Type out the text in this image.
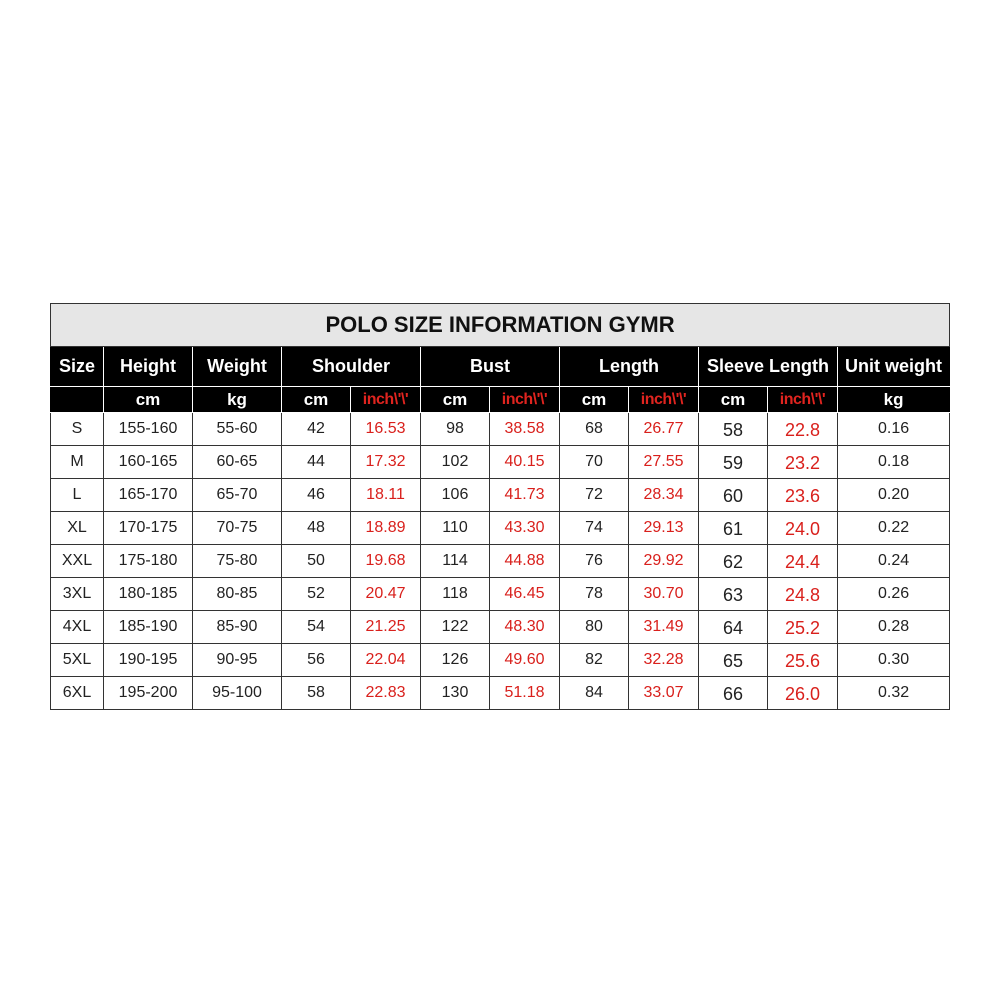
POLO SIZE INFORMATION GYMR											
Size	Height	Weight	Shoulder		Bust		Length		Sleeve Length		Unit weight
	cm	kg	cm	inch\'\'	cm	inch\'\'	cm	inch\'\'	cm	inch\'\'	kg
S	155-160	55-60	42	16.53	98	38.58	68	26.77	58	22.8	0.16
M	160-165	60-65	44	17.32	102	40.15	70	27.55	59	23.2	0.18
L	165-170	65-70	46	18.11	106	41.73	72	28.34	60	23.6	0.20
XL	170-175	70-75	48	18.89	110	43.30	74	29.13	61	24.0	0.22
XXL	175-180	75-80	50	19.68	114	44.88	76	29.92	62	24.4	0.24
3XL	180-185	80-85	52	20.47	118	46.45	78	30.70	63	24.8	0.26
4XL	185-190	85-90	54	21.25	122	48.30	80	31.49	64	25.2	0.28
5XL	190-195	90-95	56	22.04	126	49.60	82	32.28	65	25.6	0.30
6XL	195-200	95-100	58	22.83	130	51.18	84	33.07	66	26.0	0.32
